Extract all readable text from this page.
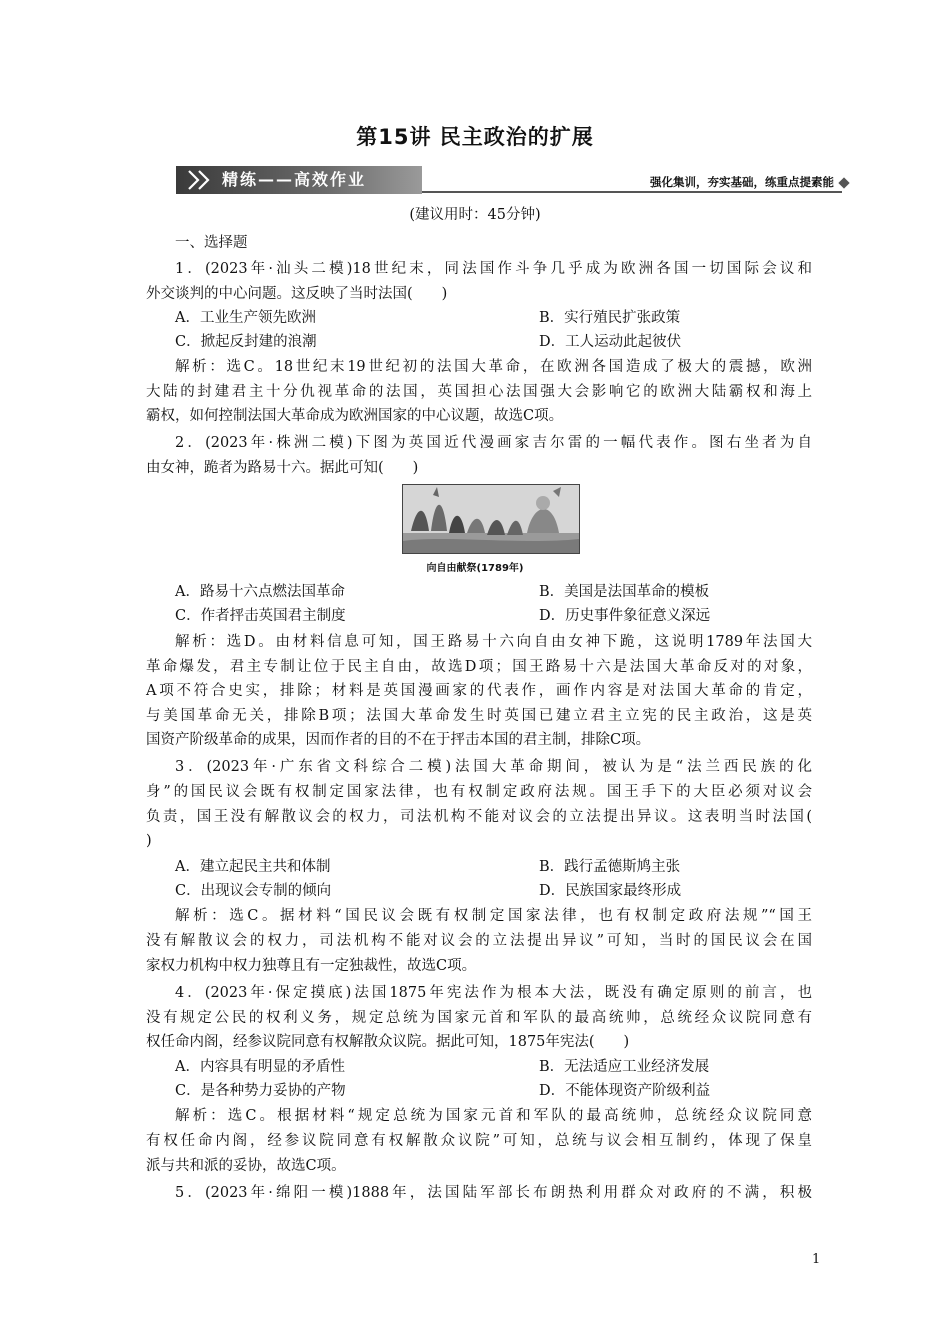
第15讲 民主政治的扩展
精练——高效作业	强化集训，夯实基础，练重点提素能
(建议用时：45分钟)
一、选择题
1．(2023年·汕头二模)18世纪末，同法国作斗争几乎成为欧洲各国一切国际会议和
外交谈判的中心问题。这反映了当时法国(　　)
A．工业生产领先欧洲	B．实行殖民扩张政策
C．掀起反封建的浪潮	D．工人运动此起彼伏
解析：选C。18世纪末19世纪初的法国大革命，在欧洲各国造成了极大的震撼，欧洲
大陆的封建君主十分仇视革命的法国，英国担心法国强大会影响它的欧洲大陆霸权和海上
霸权，如何控制法国大革命成为欧洲国家的中心议题，故选C项。
2．(2023年·株洲二模)下图为英国近代漫画家吉尔雷的一幅代表作。图右坐者为自
由女神，跪者为路易十六。据此可知(　　)
向自由献祭(1789年)
A．路易十六点燃法国革命	B．美国是法国革命的模板
C．作者抨击英国君主制度	D．历史事件象征意义深远
解析：选D。由材料信息可知，国王路易十六向自由女神下跪，这说明1789年法国大
革命爆发，君主专制让位于民主自由，故选D项；国王路易十六是法国大革命反对的对象，
A项不符合史实，排除；材料是英国漫画家的代表作，画作内容是对法国大革命的肯定，
与美国革命无关，排除B项；法国大革命发生时英国已建立君主立宪的民主政治，这是英
国资产阶级革命的成果，因而作者的目的不在于抨击本国的君主制，排除C项。
3．(2023年·广东省文科综合二模)法国大革命期间，被认为是“法兰西民族的化
身”的国民议会既有权制定国家法律，也有权制定政府法规。国王手下的大臣必须对议会
负责，国王没有解散议会的权力，司法机构不能对议会的立法提出异议。这表明当时法国(
)
A．建立起民主共和体制	B．践行孟德斯鸠主张
C．出现议会专制的倾向	D．民族国家最终形成
解析：选C。据材料“国民议会既有权制定国家法律，也有权制定政府法规”“国王
没有解散议会的权力，司法机构不能对议会的立法提出异议”可知，当时的国民议会在国
家权力机构中权力独尊且有一定独裁性，故选C项。
4．(2023年·保定摸底)法国1875年宪法作为根本大法，既没有确定原则的前言，也
没有规定公民的权利义务，规定总统为国家元首和军队的最高统帅，总统经众议院同意有
权任命内阁，经参议院同意有权解散众议院。据此可知，1875年宪法(　　)
A．内容具有明显的矛盾性	B．无法适应工业经济发展
C．是各种势力妥协的产物	D．不能体现资产阶级利益
解析：选C。根据材料“规定总统为国家元首和军队的最高统帅，总统经众议院同意
有权任命内阁，经参议院同意有权解散众议院”可知，总统与议会相互制约，体现了保皇
派与共和派的妥协，故选C项。
5．(2023年·绵阳一模)1888年，法国陆军部长布朗热利用群众对政府的不满，积极
1
